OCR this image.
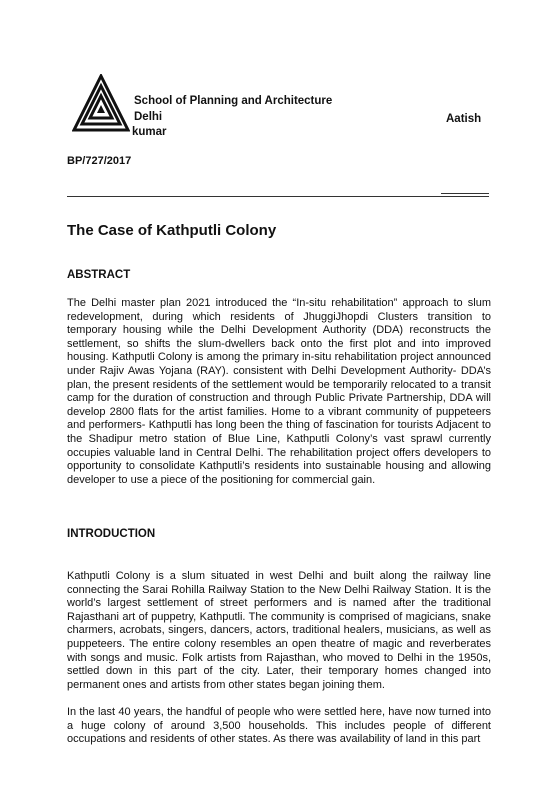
School of Planning and Architecture
Delhi	Aatish
kumar
BP/727/2017
The Case of Kathputli Colony
ABSTRACT

The Delhi master plan 2021 introduced the “In-situ rehabilitation” approach to slum redevelopment, during which residents of JhuggiJhopdi Clusters transition to temporary housing while the Delhi Development Authority (DDA) reconstructs the settlement, so shifts the slum-dwellers back onto the first plot and into improved housing. Kathputli Colony is among the primary in-situ rehabilitation project announced under Rajiv Awas Yojana (RAY). consistent with Delhi Development Authority- DDA’s plan, the present residents of the settlement would be temporarily relocated to a transit camp for the duration of construction and through Public Private Partnership, DDA will develop 2800 flats for the artist families. Home to a vibrant community of puppeteers and performers- Kathputli has long been the thing of fascination for tourists Adjacent to the Shadipur metro station of Blue Line, Kathputli Colony’s vast sprawl currently occupies valuable land in Central Delhi. The rehabilitation project offers developers to opportunity to consolidate Kathputli’s residents into sustainable housing and allowing developer to use a piece of the positioning for commercial gain.

INTRODUCTION

Kathputli Colony is a slum situated in west Delhi and built along the railway line connecting the Sarai Rohilla Railway Station to the New Delhi Railway Station. It is the world’s largest settlement of street performers and is named after the traditional Rajasthani art of puppetry, Kathputli. The community is comprised of magicians, snake charmers, acrobats, singers, dancers, actors, traditional healers, musicians, as well as puppeteers. The entire colony resembles an open theatre of magic and reverberates with songs and music. Folk artists from Rajasthan, who moved to Delhi in the 1950s, settled down in this part of the city. Later, their temporary homes changed into permanent ones and artists from other states began joining them.

In the last 40 years, the handful of people who were settled here, have now turned into a huge colony of around 3,500 households. This includes people of different occupations and residents of other states. As there was availability of land in this part
